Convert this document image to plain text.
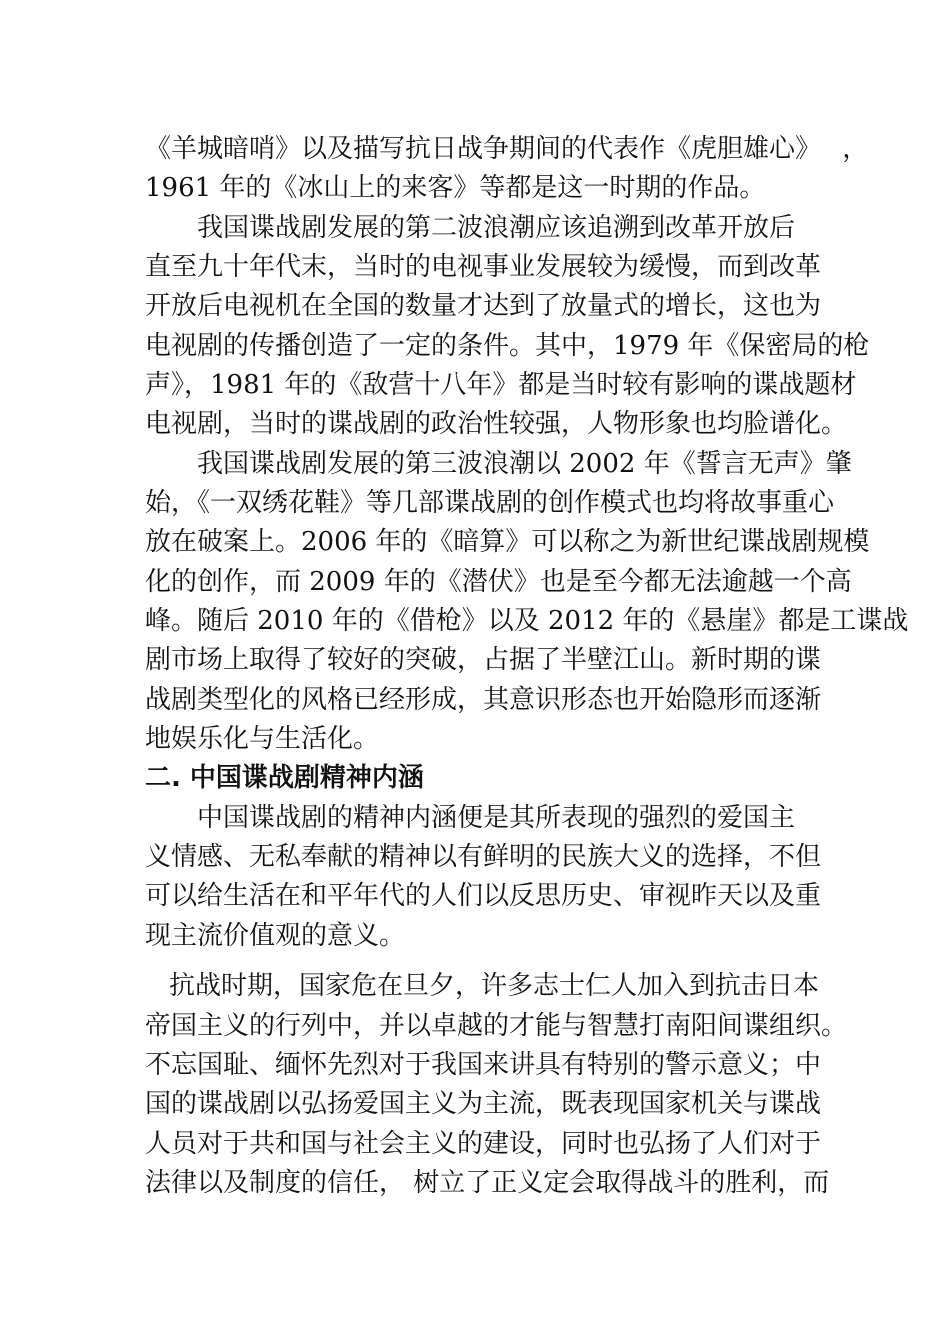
《羊城暗哨》以及描写抗日战争期间的代表作《虎胆雄心》　 ，
1961 年的《冰山上的来客》等都是这一时期的作品。
我国谍战剧发展的第二波浪潮应该追溯到改革开放后
直至九十年代末，当时的电视事业发展较为缓慢，而到改革
开放后电视机在全国的数量才达到了放量式的增长，这也为
电视剧的传播创造了一定的条件。其中，1979 年《保密局的枪
声》，1981 年的《敌营十八年》都是当时较有影响的谍战题材
电视剧，当时的谍战剧的政治性较强，人物形象也均脸谱化。
我国谍战剧发展的第三波浪潮以 2002 年《誓言无声》肇
始，《一双绣花鞋》等几部谍战剧的创作模式也均将故事重心
放在破案上。2006 年的《暗算》可以称之为新世纪谍战剧规模
化的创作，而 2009 年的《潜伏》也是至今都无法逾越一个高
峰。随后 2010 年的《借枪》以及 2012 年的《悬崖》都是工谍战
剧市场上取得了较好的突破，占据了半壁江山。新时期的谍
战剧类型化的风格已经形成，其意识形态也开始隐形而逐渐
地娱乐化与生活化。
二. 中国谍战剧精神内涵
中国谍战剧的精神内涵便是其所表现的强烈的爱国主
义情感、无私奉献的精神以有鲜明的民族大义的选择，不但
可以给生活在和平年代的人们以反思历史、审视昨天以及重
现主流价值观的意义。
抗战时期，国家危在旦夕，许多志士仁人加入到抗击日本
帝国主义的行列中，并以卓越的才能与智慧打南阳间谍组织。
不忘国耻、缅怀先烈对于我国来讲具有特别的警示意义；中
国的谍战剧以弘扬爱国主义为主流，既表现国家机关与谍战
人员对于共和国与社会主义的建设，同时也弘扬了人们对于
法律以及制度的信任， 树立了正义定会取得战斗的胜利，而
